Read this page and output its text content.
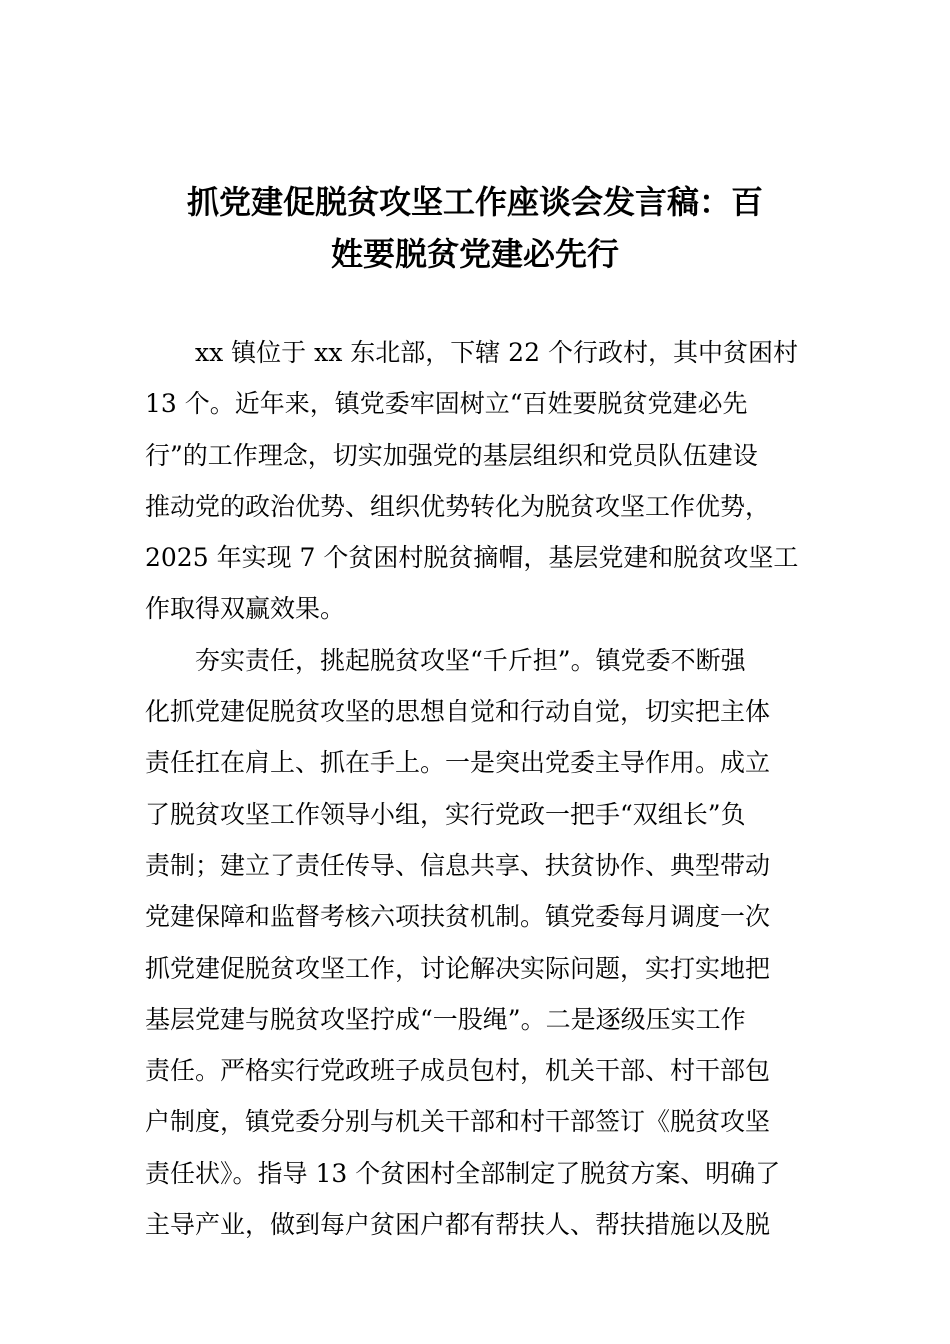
抓党建促脱贫攻坚工作座谈会发言稿：百
姓要脱贫党建必先行
xx 镇位于 xx 东北部，下辖 22 个行政村，其中贫困村
13 个。近年来，镇党委牢固树立“百姓要脱贫党建必先
行”的工作理念，切实加强党的基层组织和党员队伍建设
推动党的政治优势、组织优势转化为脱贫攻坚工作优势，
2025 年实现 7 个贫困村脱贫摘帽，基层党建和脱贫攻坚工
作取得双赢效果。
夯实责任，挑起脱贫攻坚“千斤担”。镇党委不断强
化抓党建促脱贫攻坚的思想自觉和行动自觉，切实把主体
责任扛在肩上、抓在手上。一是突出党委主导作用。成立
了脱贫攻坚工作领导小组，实行党政一把手“双组长”负
责制；建立了责任传导、信息共享、扶贫协作、典型带动
党建保障和监督考核六项扶贫机制。镇党委每月调度一次
抓党建促脱贫攻坚工作，讨论解决实际问题，实打实地把
基层党建与脱贫攻坚拧成“一股绳”。二是逐级压实工作
责任。严格实行党政班子成员包村，机关干部、村干部包
户制度，镇党委分别与机关干部和村干部签订《脱贫攻坚
责任状》。指导 13 个贫困村全部制定了脱贫方案、明确了
主导产业，做到每户贫困户都有帮扶人、帮扶措施以及脱
